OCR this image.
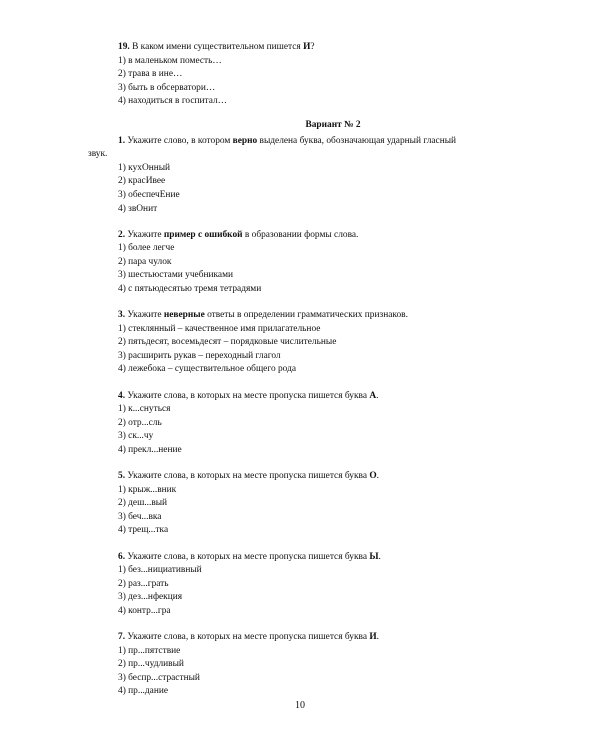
19. В каком имени существительном пишется И?

1) в маленьком поместь…

2) трава в ине…

3) быть в обсерватори…

4) находиться в госпитал…

Вариант № 2

1. Укажите слово, в котором верно выделена буква, обозначающая ударный гласный

звук.

1) кухОнный

2) красИвее

3) обеспечЕние

4) звОнит

2. Укажите пример с ошибкой в образовании формы слова.

1) более легче

2) пара чулок

3) шестьюстами учебниками

4) с пятьюдесятью тремя тетрадями

3. Укажите неверные ответы в определении грамматических признаков.

1) стеклянный – качественное имя прилагательное

2) пятьдесят, восемьдесят – порядковые числительные

3) расширить рукав – переходный глагол

4) лежебока – существительное общего рода

4. Укажите слова, в которых на месте пропуска пишется буква А.

1) к...снуться

2) отр...сль

3) ск...чу

4) прекл...нение

5. Укажите слова, в которых на месте пропуска пишется буква О.

1) крыж...вник

2) деш...вый

3) беч...вка

4) трещ...тка

6. Укажите слова, в которых на месте пропуска пишется буква Ы.

1) без...нициативный

2) раз...грать

3) дез...нфекция

4) контр...гра

7. Укажите слова, в которых на месте пропуска пишется буква И.

1) пр...пятствие

2) пр...чудливый

3) беспр...страстный

4) пр...дание

10
